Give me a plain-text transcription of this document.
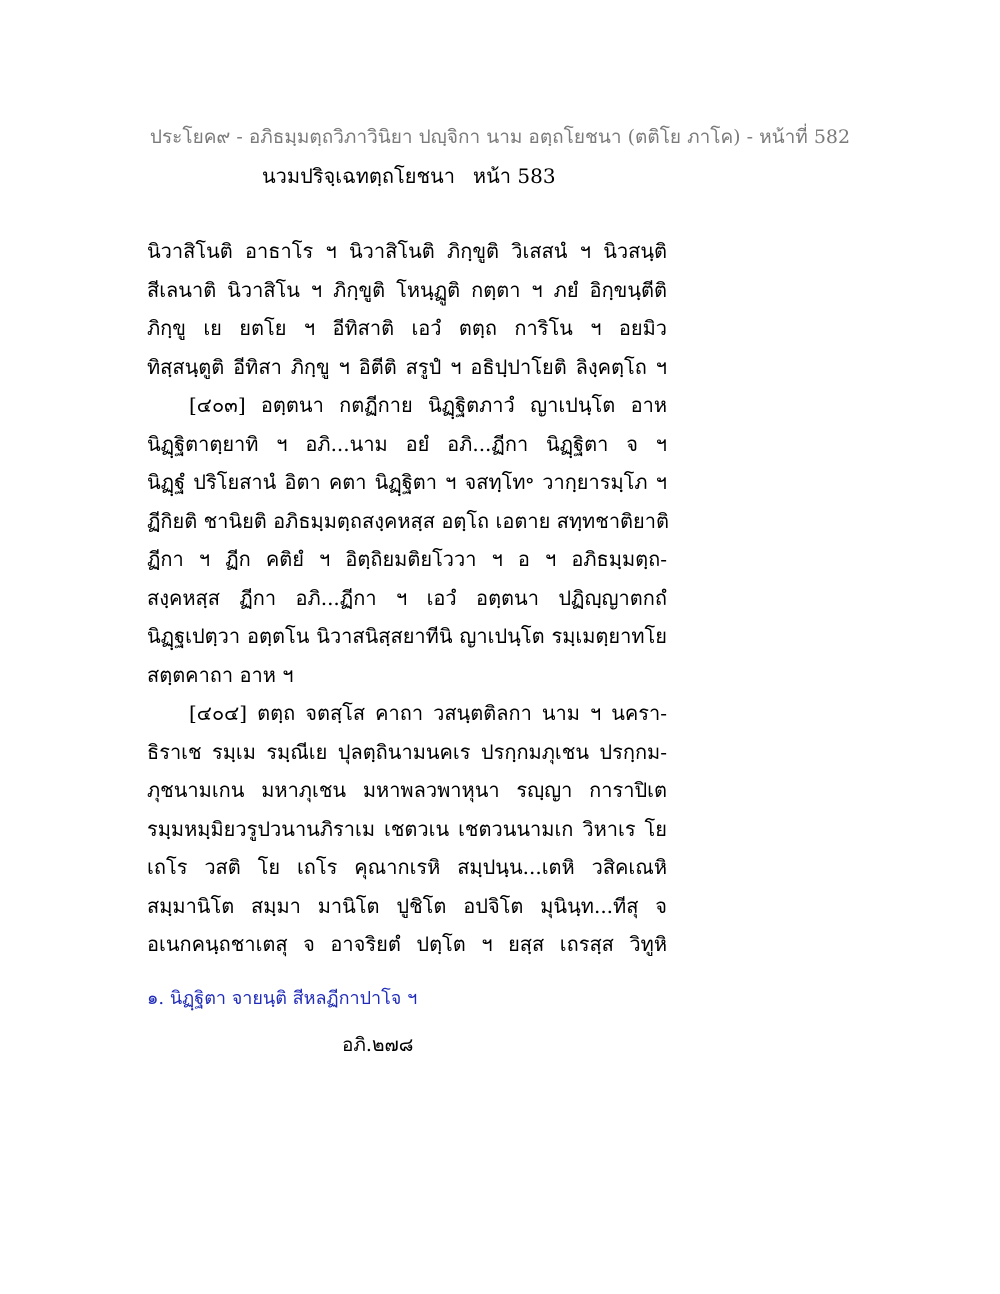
ประโยค๙ - อภิธมฺมตฺถวิภาวินิยา ปญฺจิกา นาม อตฺถโยชนา (ตติโย ภาโค) - หน้าที่ 582
นวมปริจฺเฉทตฺถโยชนา หน้า 583
นิวาสิโนติ อาธาโร ฯ นิวาสิโนติ ภิกฺขูติ วิเสสนํ ฯ นิวสนฺติ
สีเลนาติ นิวาสิโน ฯ ภิกฺขูติ โหนฺฏูติ กตฺตา ฯ ภยํ อิกฺขนฺตีติ
ภิกฺขู เย ยตโย ฯ อีทิสาติ เอวํ ตตฺถ การิโน ฯ อยมิว
ทิสฺสนฺตูติ อีทิสา ภิกฺขู ฯ อิตีติ สรูปํ ฯ อธิปฺปาโยติ ลิงฺคตฺโถ ฯ
[๔๐๓] อตฺตนา กตฏีกาย นิฏฺฐิตภาวํ ญาเปนฺโต อาห
นิฏฺฐิตาตฺยาทิ ฯ อภิ...นาม อยํ อภิ...ฏีกา นิฏฺฐิตา จ ฯ
นิฏฺฐํ ปริโยสานํ อิตา คตา นิฏฺฐิตา ฯ จสทฺโท॰ วากฺยารมฺโภ ฯ
ฏีกิยติ ชานิยติ อภิธมฺมตฺถสงฺคหสฺส อตฺโถ เอตาย สทฺทชาติยาติ
ฏีกา ฯ ฏีก คติยํ ฯ อิตฺถิยมติยโววา ฯ อ ฯ อภิธมฺมตฺถ-
สงฺคหสฺส ฏีกา อภิ...ฏีกา ฯ เอวํ อตฺตนา ปฏิญฺญาตกถํ
นิฏฺฐเปตฺวา อตฺตโน นิวาสนิสฺสยาทีนิ ญาเปนฺโต รมฺเมตฺยาทโย
สตฺตคาถา อาห ฯ
[๔๐๔] ตตฺถ จตสฺโส คาถา วสนฺตติลกา นาม ฯ นครา-
ธิราเช รมฺเม รมฺณีเย ปุลตฺถินามนคเร ปรกฺกมภุเชน ปรกฺกม-
ภุชนามเกน มหาภุเชน มหาพลวพาหุนา รญฺญา การาปิเต
รมฺมหมฺมิยวรูปวนานภิราเม เชตวเน เชตวนนามเก วิหาเร โย
เถโร วสติ โย เถโร คุณากเรหิ สมฺปนฺน...เตหิ วสิคเณหิ
สมฺมานิโต สมฺมา มานิโต ปูชิโต อปจิโต มุนินฺท...ทีสุ จ
อเนกคนฺถชาเตสุ จ อาจริยตํ ปตฺโต ฯ ยสฺส เถรสฺส วิทูหิ
๑. นิฏฺฐิตา จายนฺติ สีหลฏีกาปาโจ ฯ
อภิ.๒๗๘
